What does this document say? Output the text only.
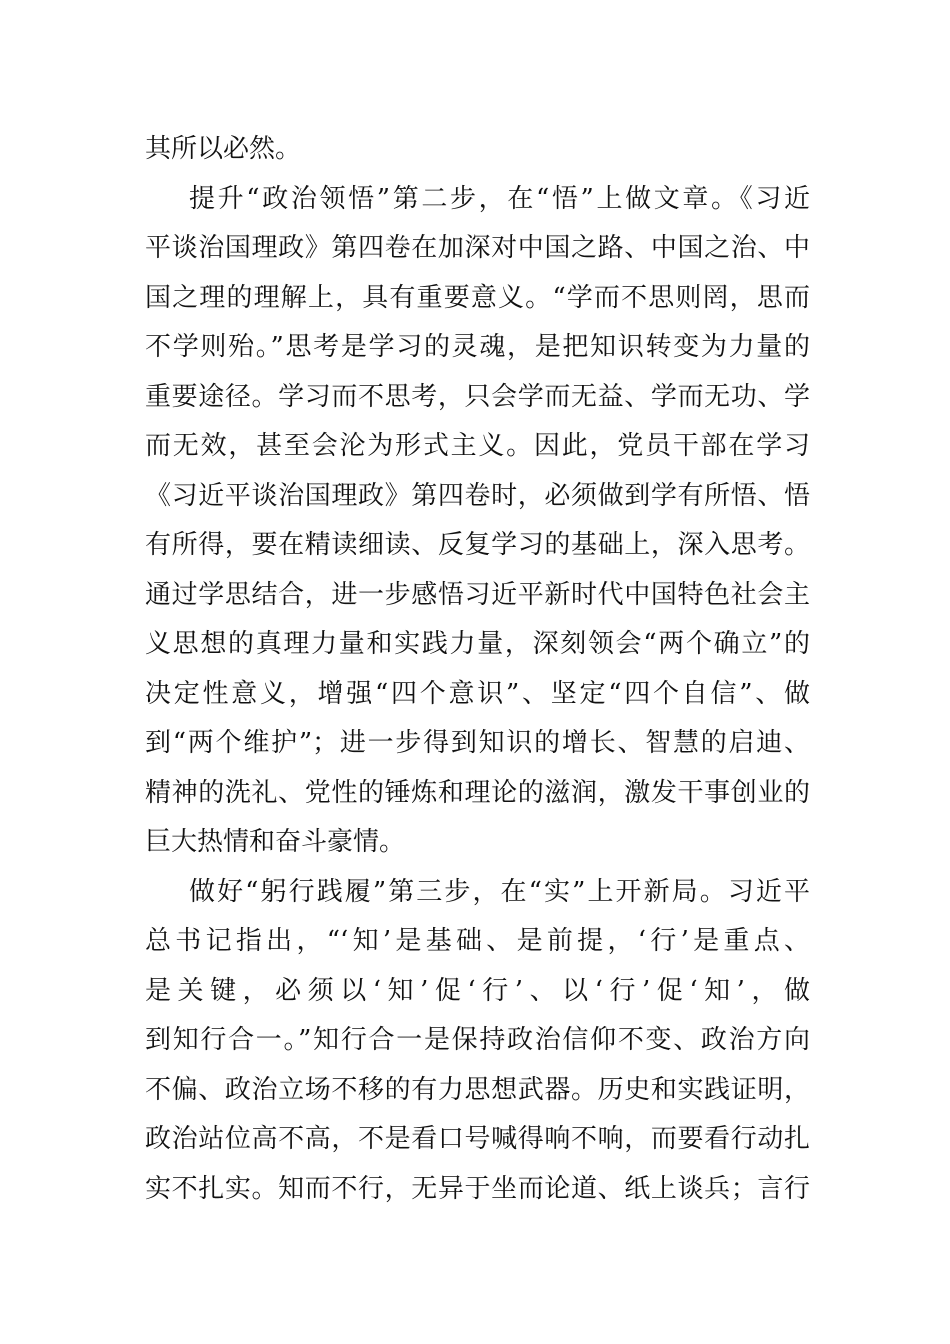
其所以必然。
提升“政治领悟”第二步，在“悟”上做文章。《习近
平谈治国理政》第四卷在加深对中国之路、中国之治、中
国之理的理解上，具有重要意义。“学而不思则罔，思而
不学则殆。”思考是学习的灵魂，是把知识转变为力量的
重要途径。学习而不思考，只会学而无益、学而无功、学
而无效，甚至会沦为形式主义。因此，党员干部在学习
《习近平谈治国理政》第四卷时，必须做到学有所悟、悟
有所得，要在精读细读、反复学习的基础上，深入思考。
通过学思结合，进一步感悟习近平新时代中国特色社会主
义思想的真理力量和实践力量，深刻领会“两个确立”的
决定性意义，增强“四个意识”、坚定“四个自信”、做
到“两个维护”；进一步得到知识的增长、智慧的启迪、
精神的洗礼、党性的锤炼和理论的滋润，激发干事创业的
巨大热情和奋斗豪情。
做好“躬行践履”第三步，在“实”上开新局。习近平
总书记指出，“‘知’是基础、是前提，‘行’是重点、
是关键，必须以‘知’促‘行’、以‘行’促‘知’，做
到知行合一。”知行合一是保持政治信仰不变、政治方向
不偏、政治立场不移的有力思想武器。历史和实践证明，
政治站位高不高，不是看口号喊得响不响，而要看行动扎
实不扎实。知而不行，无异于坐而论道、纸上谈兵；言行
